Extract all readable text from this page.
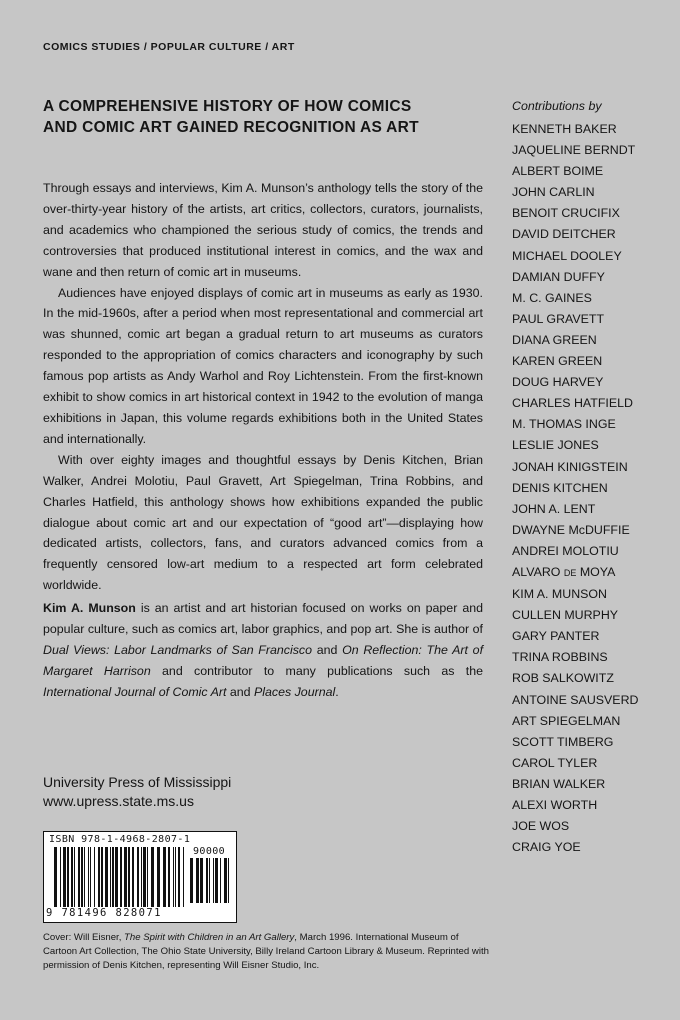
COMICS STUDIES / POPULAR CULTURE / ART
A COMPREHENSIVE HISTORY OF HOW COMICS
AND COMIC ART GAINED RECOGNITION AS ART

Through essays and interviews, Kim A. Munson’s anthology tells the story of the over-thirty-year history of the artists, art critics, collectors, curators, journalists, and academics who championed the serious study of comics, the trends and controversies that produced institutional interest in comics, and the wax and wane and then return of comic art in museums.

Audiences have enjoyed displays of comic art in museums as early as 1930. In the mid-1960s, after a period when most representational and commercial art was shunned, comic art began a gradual return to art museums as curators responded to the appropriation of comics characters and iconography by such famous pop artists as Andy Warhol and Roy Lichtenstein. From the first-known exhibit to show comics in art historical context in 1942 to the evolution of manga exhibitions in Japan, this volume regards exhibitions both in the United States and internationally.

With over eighty images and thoughtful essays by Denis Kitchen, Brian Walker, Andrei Molotiu, Paul Gravett, Art Spiegelman, Trina Robbins, and Charles Hatfield, this anthology shows how exhibitions expanded the public dialogue about comic art and our expectation of “good art”—displaying how dedicated artists, collectors, fans, and curators advanced comics from a frequently censored low-art medium to a respected art form celebrated worldwide.

Kim A. Munson is an artist and art historian focused on works on paper and popular culture, such as comics art, labor graphics, and pop art. She is author of Dual Views: Labor Landmarks of San Francisco and On Reflection: The Art of Margaret Harrison and contributor to many publications such as the International Journal of Comic Art and Places Journal.

University Press of Mississippi
www.upress.state.ms.us
ISBN 978-1-4968-2807-1
90000
9 781496 828071
Cover: Will Eisner, The Spirit with Children in an Art Gallery, March 1996. International Museum of Cartoon Art Collection, The Ohio State University, Billy Ireland Cartoon Library & Museum. Reprinted with permission of Denis Kitchen, representing Will Eisner Studio, Inc.
Contributions by
KENNETH BAKER
JAQUELINE BERNDT
ALBERT BOIME
JOHN CARLIN
BENOIT CRUCIFIX
DAVID DEITCHER
MICHAEL DOOLEY
DAMIAN DUFFY
M. C. GAINES
PAUL GRAVETT
DIANA GREEN
KAREN GREEN
DOUG HARVEY
CHARLES HATFIELD
M. THOMAS INGE
LESLIE JONES
JONAH KINIGSTEIN
DENIS KITCHEN
JOHN A. LENT
DWAYNE McDUFFIE
ANDREI MOLOTIU
ALVARO DE MOYA
KIM A. MUNSON
CULLEN MURPHY
GARY PANTER
TRINA ROBBINS
ROB SALKOWITZ
ANTOINE SAUSVERD
ART SPIEGELMAN
SCOTT TIMBERG
CAROL TYLER
BRIAN WALKER
ALEXI WORTH
JOE WOS
CRAIG YOE
